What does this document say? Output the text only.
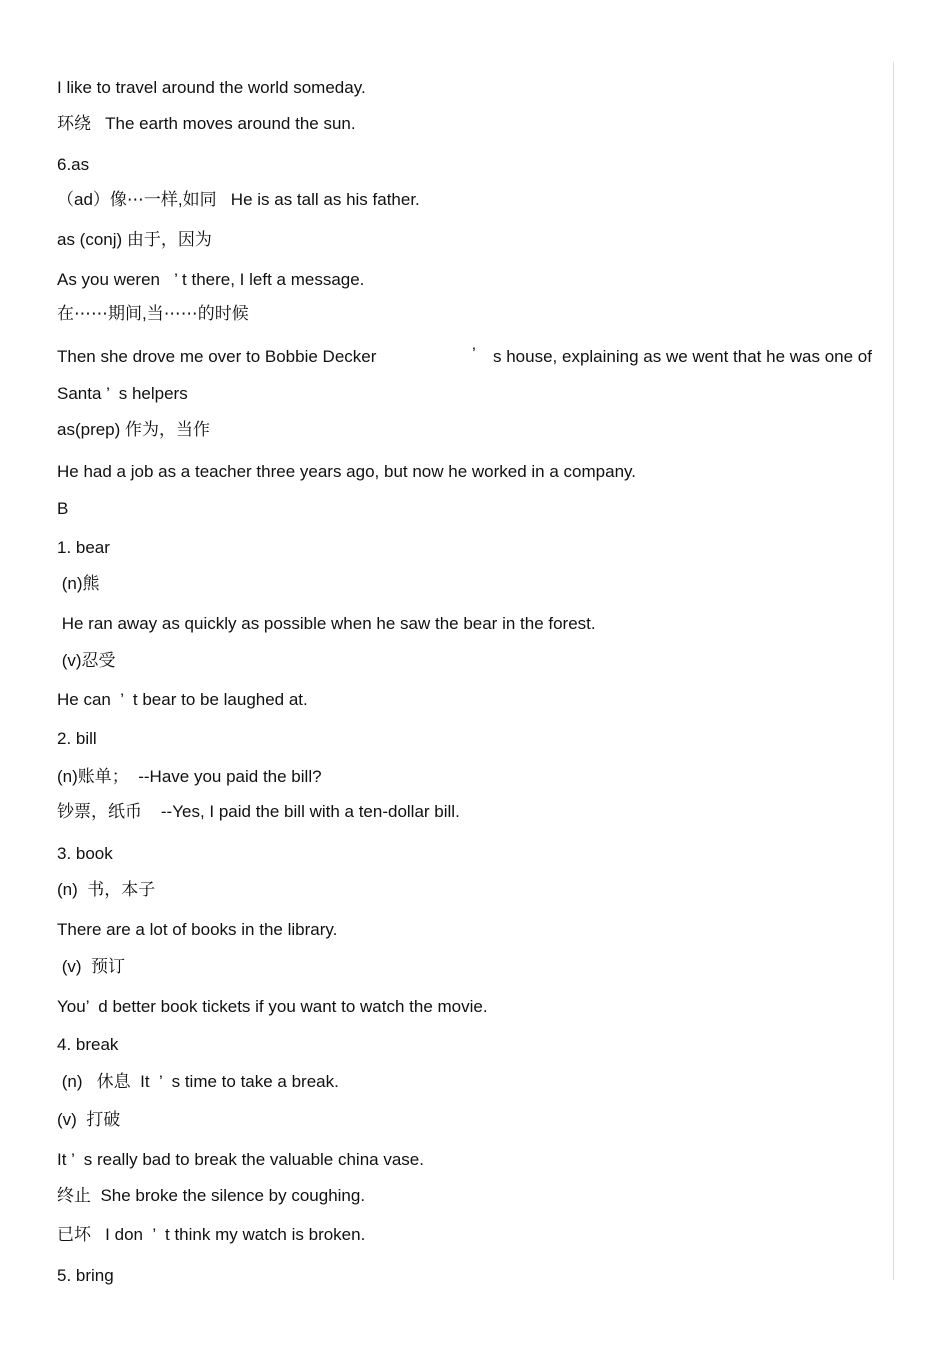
I like to travel around the world someday.
环绕   The earth moves around the sun.
6.as
（ad）像⋯一样,如同   He is as tall as his father.
as (conj) 由于，因为
As you weren   ’ t there, I left a message.
在⋯⋯期间,当⋯⋯的时候
Then she drove me over to Bobbie Decker	’ s house, explaining as we went that he was one of
Santa ’  s helpers
as(prep) 作为，当作
He had a job as a teacher three years ago, but now he worked in a company.
B
1. bear
(n)熊
He ran away as quickly as possible when he saw the bear in the forest.
(v)忍受
He can  ’  t bear to be laughed at.
2. bill
(n)账单；  --Have you paid the bill?
钞票，纸币    --Yes, I paid the bill with a ten-dollar bill.
3. book
(n)  书，本子
There are a lot of books in the library.
(v)  预订
You’  d better book tickets if you want to watch the movie.
4. break
(n)   休息  It  ’  s time to take a break.
(v)  打破
It ’  s really bad to break the valuable china vase.
终止  She broke the silence by coughing.
已坏   I don  ’  t think my watch is broken.
5. bring
